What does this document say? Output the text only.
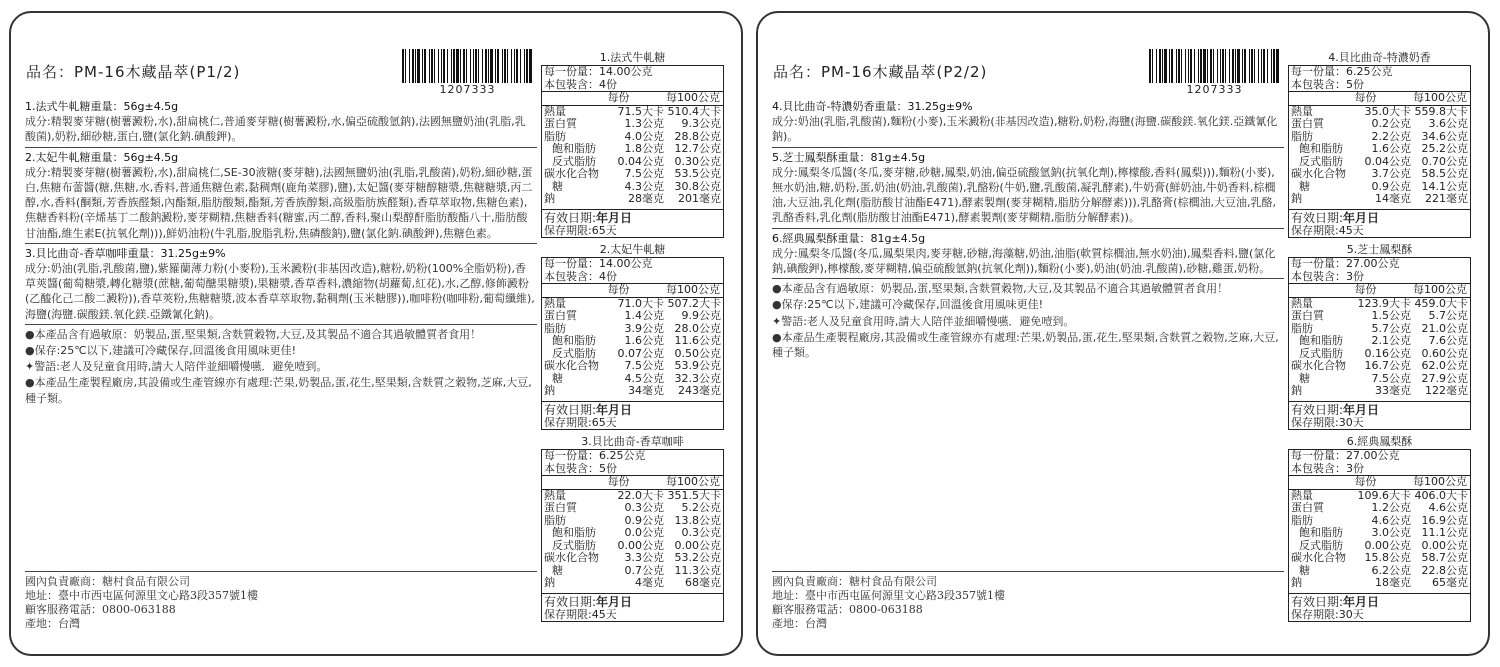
品名：PM-16木藏晶萃(P1/2)
1207333
1.法式牛軋糖重量：56g±4.5g
成分:精製麥芽糖(樹薯澱粉,水),甜扁桃仁,普通麥芽糖(樹薯澱粉,水,偏亞硫酸氫鈉),法國無鹽奶油(乳脂,乳酸菌),奶粉,細砂糖,蛋白,鹽(氯化鈉.碘酸鉀)。
2.太妃牛軋糖重量：56g±4.5g
成分:精製麥芽糖(樹薯澱粉,水),甜扁桃仁,SE-30液糖(麥芽糖),法國無鹽奶油(乳脂,乳酸菌),奶粉,細砂糖,蛋白,焦糖布蕾醬(糖,焦糖,水,香料,普通焦糖色素,黏稠劑(鹿角菜膠),鹽),太妃醬(麥芽糖醇糖漿,焦糖糖漿,丙二醇,水,香料(酮類,芳香族醛類,內酯類,脂肪酸類,酯類,芳香族醇類,高級脂肪族醛類),香草萃取物,焦糖色素),焦糖香料粉(辛烯基丁二酸鈉澱粉,麥芽糊精,焦糖香料(糖蜜,丙二醇,香料,聚山梨醇酐脂肪酸酯八十,脂肪酸甘油酯,維生素E(抗氧化劑))),鮮奶油粉(牛乳脂,脫脂乳粉,焦磷酸鈉),鹽(氯化鈉.碘酸鉀),焦糖色素。
3.貝比曲奇-香草咖啡重量：31.25g±9%
成分:奶油(乳脂,乳酸菌,鹽),紫羅蘭薄力粉(小麥粉),玉米澱粉(非基因改造),糖粉,奶粉(100%全脂奶粉),香草莢醬(葡萄糖漿,轉化糖漿(蔗糖,葡萄醣果糖漿),果糖漿,香草香料,濃縮物(胡蘿蔔,紅花),水,乙醇,修飾澱粉(乙醯化己二酸二澱粉)),香草莢粉,焦糖糖漿,波本香草萃取物,黏稠劑(玉米糖膠)),咖啡粉(咖啡粉,葡萄纖維),海鹽(海鹽.碳酸鎂.氧化鎂.亞鐵氰化鈉)。
●本產品含有過敏原：奶製品,蛋,堅果類,含麩質穀物,大豆,及其製品不適合其過敏體質者食用！
●保存:25℃以下,建議可冷藏保存,回溫後食用風味更佳!
✦警語:老人及兒童食用時,請大人陪伴並細嚼慢嚥．避免噎到。
●本產品生產製程廠房,其設備或生產管線亦有處理:芒果,奶製品,蛋,花生,堅果類,含麩質之穀物,芝麻,大豆,種子類。
國內負責廠商：糖村食品有限公司
地址：臺中市西屯區何源里文心路3段357號1樓
顧客服務電話：0800-063188
產地：台灣
1.法式牛軋糖
每一份量：14.00公克
本包裝含：4份
每份	每100公克
熱量	71.5大卡 510.4大卡
蛋白質	1.3公克	9.3公克
脂肪	4.0公克 28.8公克
飽和脂肪	1.8公克 12.7公克
反式脂肪	0.04公克 0.30公克
碳水化合物	7.5公克 53.5公克
糖	4.3公克 30.8公克
鈉	28毫克	201毫克
有效日期:年月日
保存期限:65天
2.太妃牛軋糖
每一份量：14.00公克
本包裝含：4份
每份	每100公克
熱量	71.0大卡 507.2大卡
蛋白質	1.4公克	9.9公克
脂肪	3.9公克 28.0公克
飽和脂肪	1.6公克 11.6公克
反式脂肪	0.07公克 0.50公克
碳水化合物	7.5公克 53.9公克
糖	4.5公克 32.3公克
鈉	34毫克	243毫克
有效日期:年月日
保存期限:65天
3.貝比曲奇-香草咖啡
每一份量：6.25公克
本包裝含：5份
每份	每100公克
熱量	22.0大卡 351.5大卡
蛋白質	0.3公克	5.2公克
脂肪	0.9公克 13.8公克
飽和脂肪	0.0公克	0.3公克
反式脂肪	0.00公克 0.00公克
碳水化合物	3.3公克 53.2公克
糖	0.7公克 11.3公克
鈉	4毫克	68毫克
有效日期:年月日
保存期限:45天
品名：PM-16木藏晶萃(P2/2)
1207333
4.貝比曲奇-特濃奶香重量：31.25g±9%
成分:奶油(乳脂,乳酸菌),麵粉(小麥),玉米澱粉(非基因改造),糖粉,奶粉,海鹽(海鹽.碳酸鎂.氧化鎂.亞鐵氰化鈉)。
5.芝士鳳梨酥重量：81g±4.5g
成分:鳳梨冬瓜醬(冬瓜,麥芽糖,砂糖,鳳梨,奶油,偏亞硫酸氫鈉(抗氧化劑),檸檬酸,香料(鳳梨))),麵粉(小麥),無水奶油,糖,奶粉,蛋,奶油(奶油,乳酸菌),乳酪粉(牛奶,鹽,乳酸菌,凝乳酵素),牛奶膏(鮮奶油,牛奶香料,棕櫚油,大豆油,乳化劑(脂肪酸甘油酯E471),酵素製劑(麥芽糊精,脂肪分解酵素))),乳酪膏(棕櫚油,大豆油,乳酪,乳酪香料,乳化劑(脂肪酸甘油酯E471),酵素製劑(麥芽糊精,脂肪分解酵素))。
6.經典鳳梨酥重量：81g±4.5g
成分:鳳梨冬瓜醬(冬瓜,鳳梨果肉,麥芽糖,砂糖,海藻糖,奶油,油脂(軟質棕櫚油,無水奶油),鳳梨香料,鹽(氯化鈉,碘酸鉀),檸檬酸,麥芽糊精,偏亞硫酸氫鈉(抗氧化劑)),麵粉(小麥),奶油(奶油.乳酸菌),砂糖,雞蛋,奶粉。
●本產品含有過敏原：奶製品,蛋,堅果類,含麩質穀物,大豆,及其製品不適合其過敏體質者食用！
●保存:25℃以下,建議可冷藏保存,回溫後食用風味更佳!
✦警語:老人及兒童食用時,請大人陪伴並細嚼慢嚥．避免噎到。
●本產品生產製程廠房,其設備或生產管線亦有處理:芒果,奶製品,蛋,花生,堅果類,含麩質之穀物,芝麻,大豆,種子類。
國內負責廠商：糖村食品有限公司
地址：臺中市西屯區何源里文心路3段357號1樓
顧客服務電話：0800-063188
產地：台灣
4.貝比曲奇-特濃奶香
每一份量：6.25公克
本包裝含：5份
每份	每100公克
熱量	35.0大卡 559.8大卡
蛋白質	0.2公克	3.6公克
脂肪	2.2公克 34.6公克
飽和脂肪	1.6公克 25.2公克
反式脂肪	0.04公克 0.70公克
碳水化合物	3.7公克 58.5公克
糖	0.9公克 14.1公克
鈉	14毫克	221毫克
有效日期:年月日
保存期限:45天
5.芝士鳳梨酥
每一份量：27.00公克
本包裝含：3份
每份	每100公克
熱量	123.9大卡 459.0大卡
蛋白質	1.5公克	5.7公克
脂肪	5.7公克 21.0公克
飽和脂肪	2.1公克	7.6公克
反式脂肪	0.16公克 0.60公克
碳水化合物	16.7公克 62.0公克
糖	7.5公克 27.9公克
鈉	33毫克	122毫克
有效日期:年月日
保存期限:30天
6.經典鳳梨酥
每一份量：27.00公克
本包裝含：3份
每份	每100公克
熱量	109.6大卡 406.0大卡
蛋白質	1.2公克	4.6公克
脂肪	4.6公克 16.9公克
飽和脂肪	3.0公克 11.1公克
反式脂肪	0.00公克 0.00公克
碳水化合物	15.8公克 58.7公克
糖	6.2公克 22.8公克
鈉	18毫克	65毫克
有效日期:年月日
保存期限:30天
